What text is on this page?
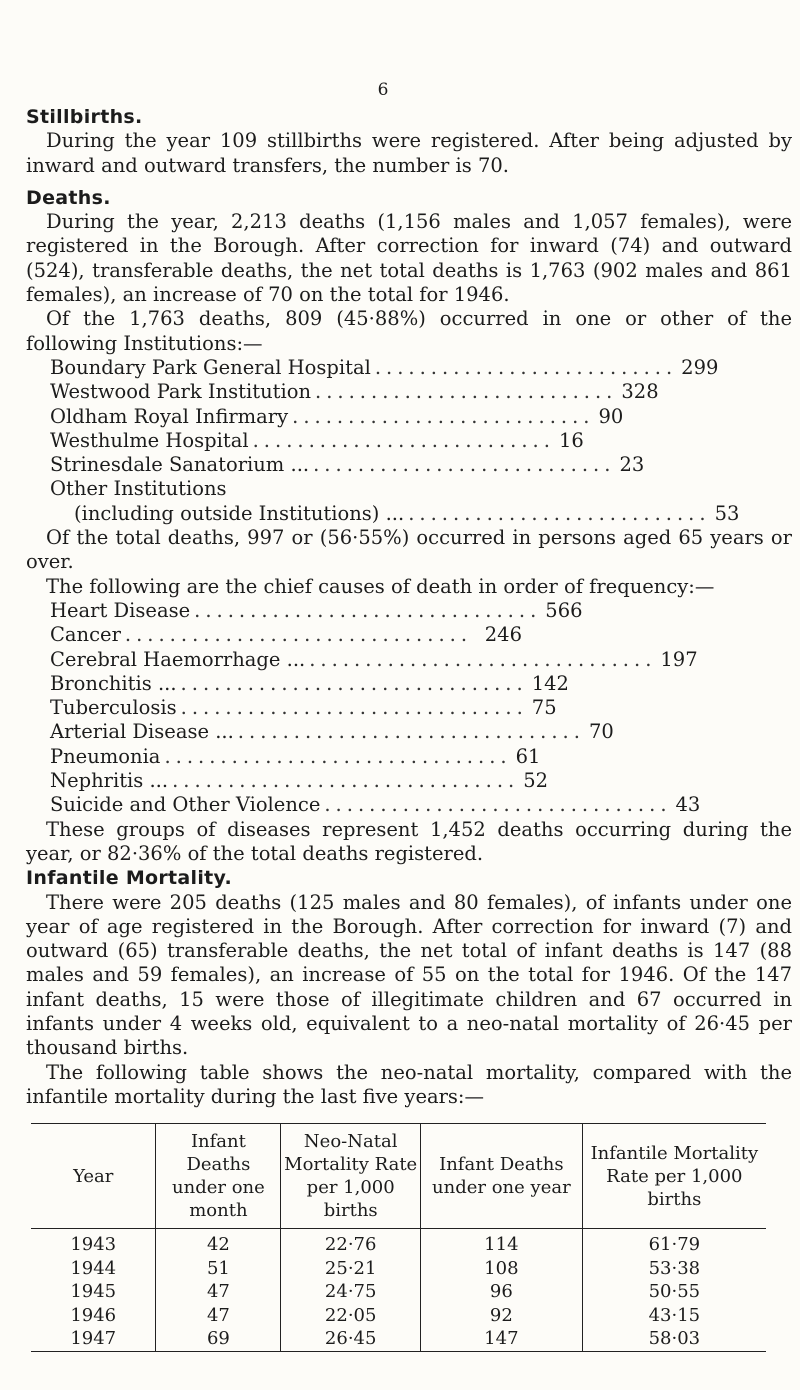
6
Stillbirths.

During the year 109 stillbirths were registered. After being adjusted by inward and outward transfers, the number is 70.

Deaths.

During the year, 2,213 deaths (1,156 males and 1,057 females), were registered in the Borough. After correction for inward (74) and outward (524), transferable deaths, the net total deaths is 1,763 (902 males and 861 females), an increase of 70 on the total for 1946.

Of the 1,763 deaths, 809 (45·88%) occurred in one or other of the following Institutions:—

Boundary Park General Hospital ........................... 299
Westwood Park Institution ........................... 328
Oldham Royal Infirmary ........................... 90
Westhulme Hospital ........................... 16
Strinesdale Sanatorium ... ........................... 23
Other Institutions
(including outside Institutions) ... ........................... 53

Of the total deaths, 997 or (56·55%) occurred in persons aged 65 years or over.

The following are the chief causes of death in order of frequency:—

Heart Disease ............................... 566
Cancer ............................... 246
Cerebral Haemorrhage ... ............................... 197
Bronchitis ... ............................... 142
Tuberculosis ............................... 75
Arterial Disease ... ............................... 70
Pneumonia ............................... 61
Nephritis ... ............................... 52
Suicide and Other Violence ............................... 43

These groups of diseases represent 1,452 deaths occurring during the year, or 82·36% of the total deaths registered.

Infantile Mortality.

There were 205 deaths (125 males and 80 females), of infants under one year of age registered in the Borough. After correction for inward (7) and outward (65) transferable deaths, the net total of infant deaths is 147 (88 males and 59 females), an increase of 55 on the total for 1946. Of the 147 infant deaths, 15 were those of illegitimate children and 67 occurred in infants under 4 weeks old, equivalent to a neo-natal mortality of 26·45 per thousand births.

The following table shows the neo-natal mortality, compared with the infantile mortality during the last five years:—

Year	Infant Deaths under one month	Neo-Natal Mortality Rate per 1,000 births	Infant Deaths under one year	Infantile Mortality Rate per 1,000 births
1943	42	22·76	114	61·79
1944	51	25·21	108	53·38
1945	47	24·75	96	50·55
1946	47	22·05	92	43·15
1947	69	26·45	147	58·03
